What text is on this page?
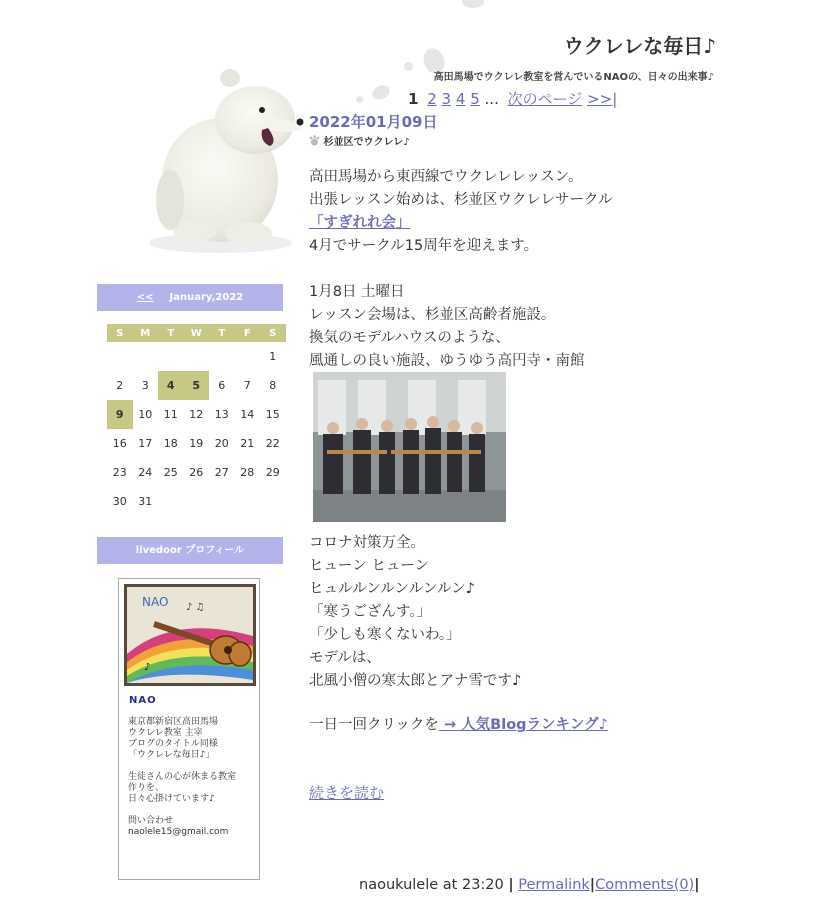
ウクレレな毎日♪
高田馬場でウクレレ教室を営んでいるNAOの、日々の出来事♪
1 2 3 4 5 ... 次のページ >>|
<< January,2022
S	M	T	W	T	F	S
						1
2	3	4	5	6	7	8
9	10	11	12	13	14	15
16	17	18	19	20	21	22
23	24	25	26	27	28	29
30	31					
livedoor プロフィール
NAO ♪ ♫
♪
NAO
東京都新宿区高田馬場
ウクレレ教室 主宰
ブログのタイトル同様
「ウクレレな毎日♪」

生徒さんの心が休まる教室
作りを、
日々心掛けています♪

問い合わせ
naolele15@gmail.com
2022年01月09日
杉並区でウクレレ♪
高田馬場から東西線でウクレレレッスン。
出張レッスン始めは、杉並区ウクレレサークル
「すぎれれ会」
4月でサークル15周年を迎えます。
1月8日 土曜日
レッスン会場は、杉並区高齢者施設。
換気のモデルハウスのような、
風通しの良い施設、ゆうゆう高円寺・南館
コロナ対策万全。
ヒューン ヒューン
ヒュルルンルンルンルン♪
「寒うござんす。」
「少しも寒くないわ。」
モデルは、
北風小僧の寒太郎とアナ雪です♪
一日一回クリックを → 人気Blogランキング♪
続きを読む
naoukulele at 23:20 | Permalink|Comments(0)|
